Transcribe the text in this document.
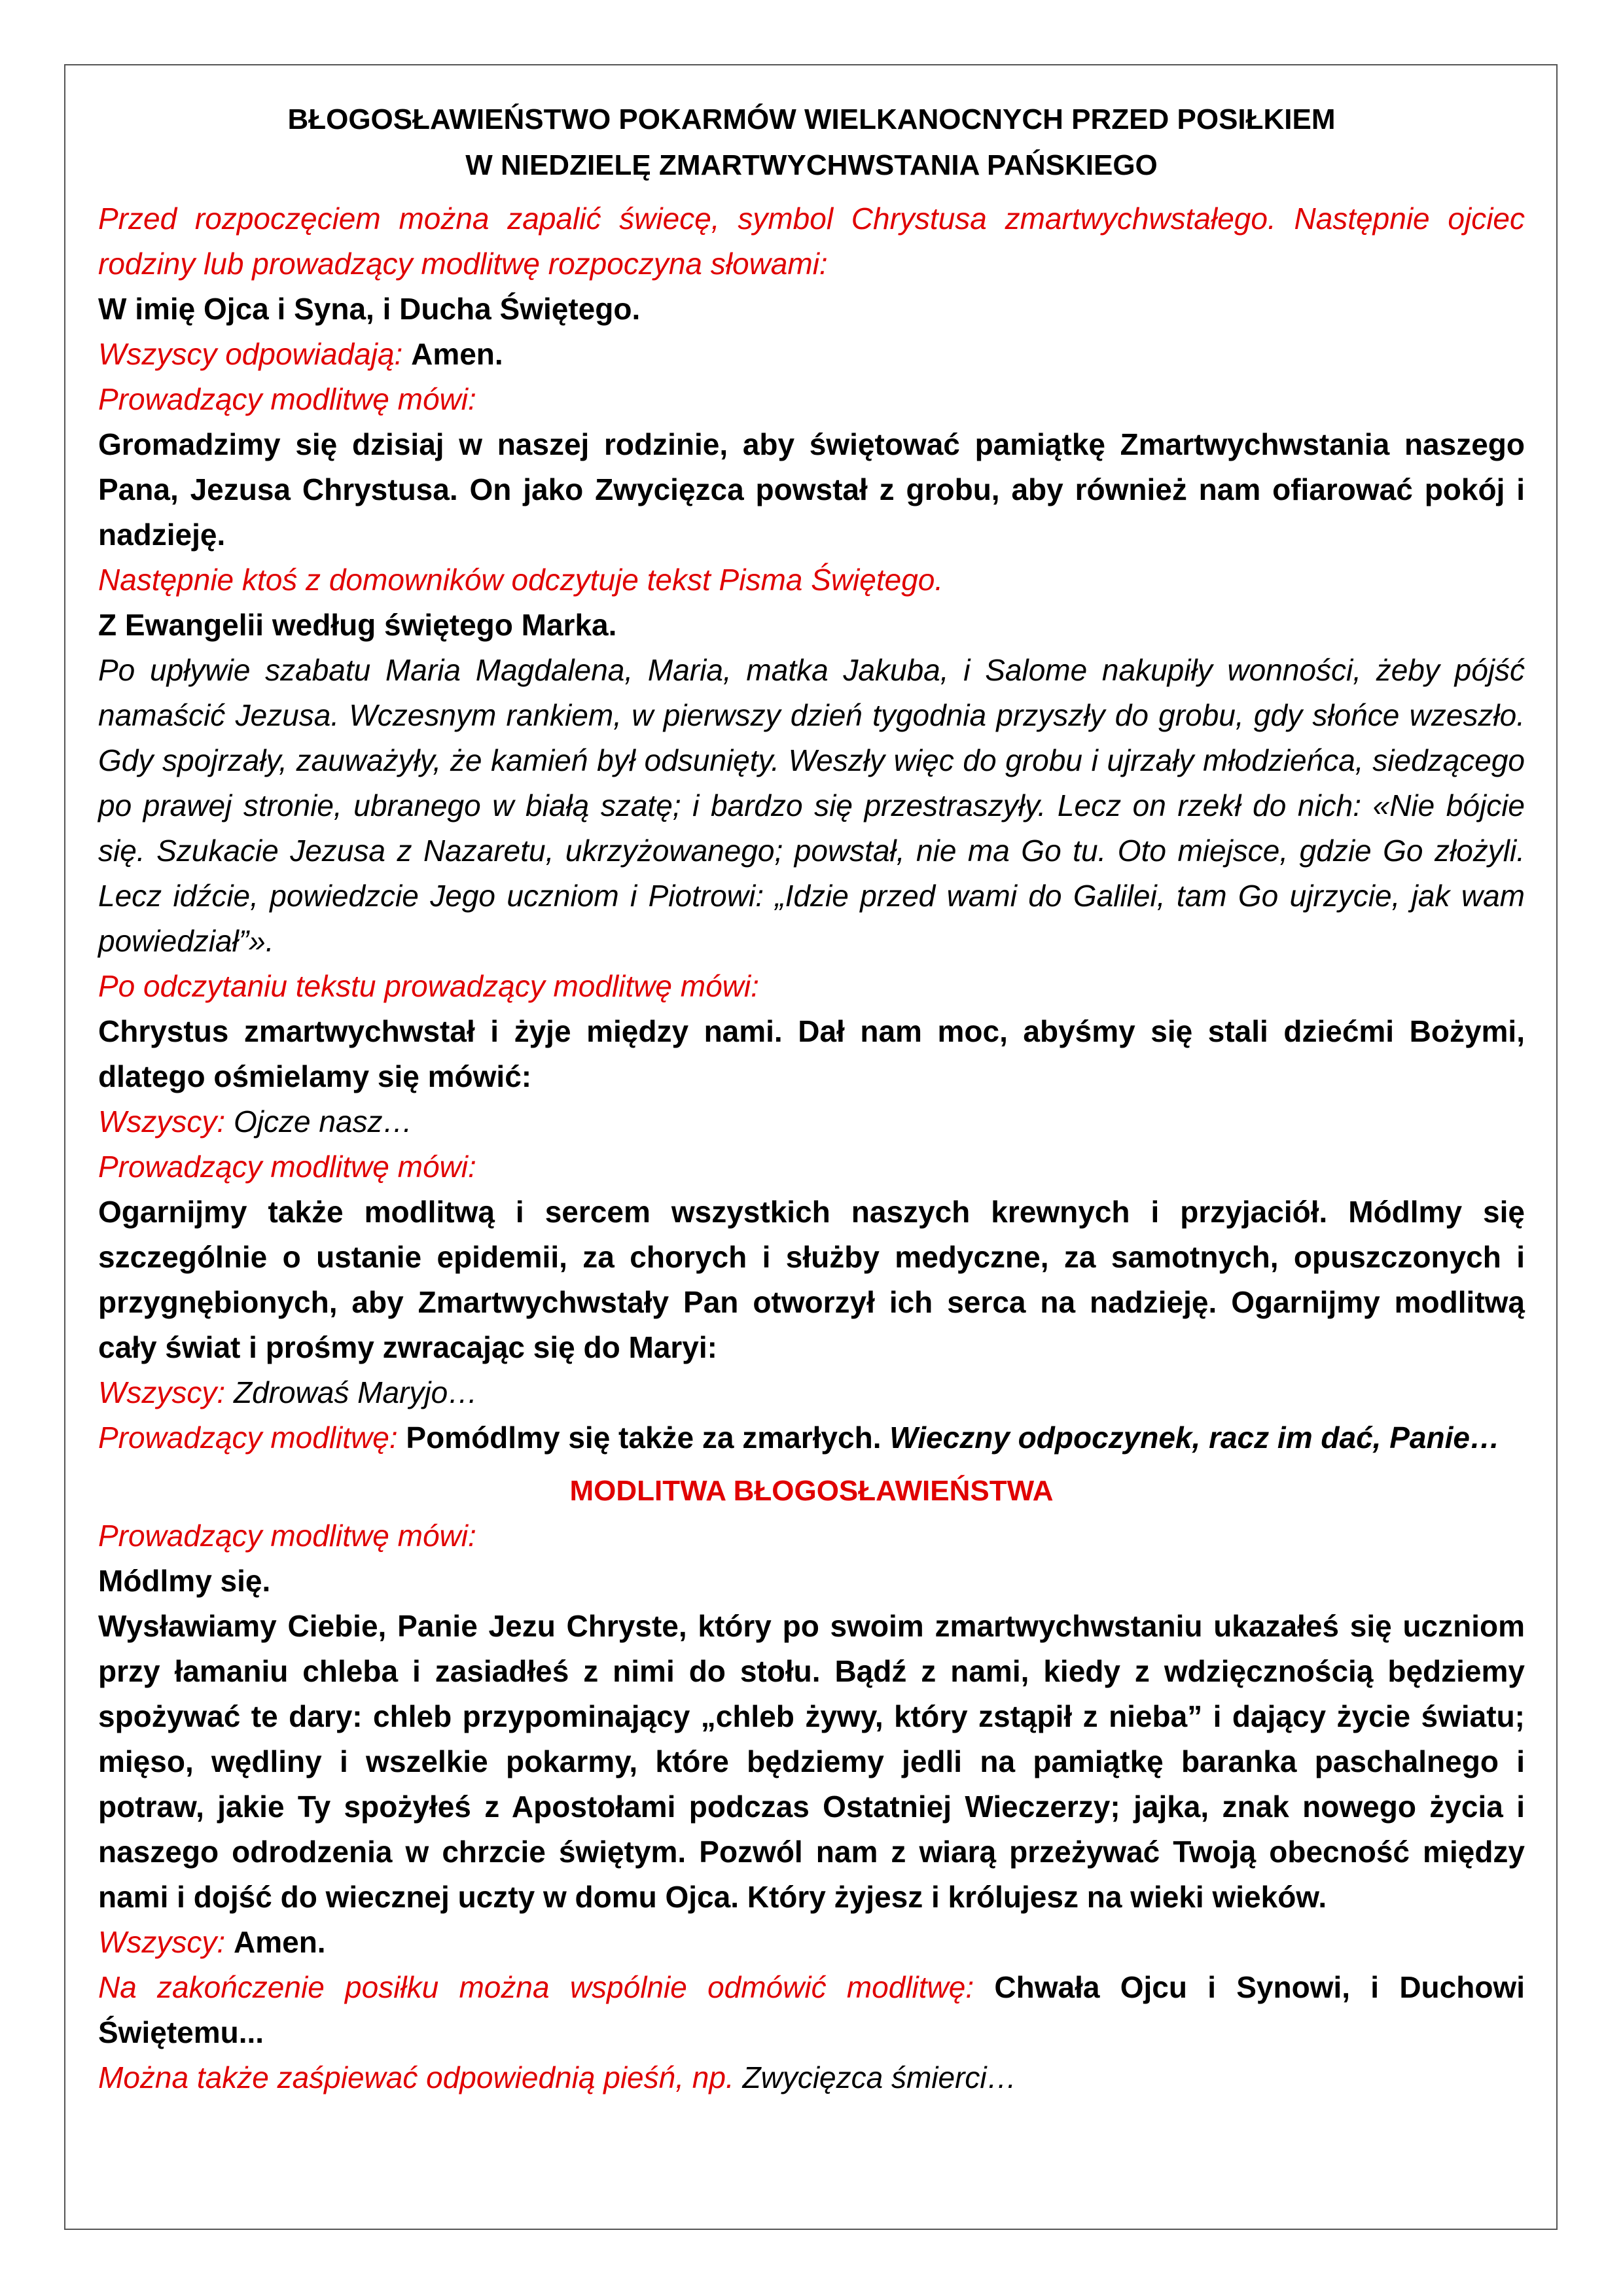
BŁOGOSŁAWIEŃSTWO POKARMÓW WIELKANOCNYCH PRZED POSIŁKIEM

W NIEDZIELĘ ZMARTWYCHWSTANIA PAŃSKIEGO

Przed rozpoczęciem można zapalić świecę, symbol Chrystusa zmartwychwstałego. Następnie ojciec rodziny lub prowadzący modlitwę rozpoczyna słowami:

W imię Ojca i Syna, i Ducha Świętego.

Wszyscy odpowiadają: Amen.

Prowadzący modlitwę mówi:

Gromadzimy się dzisiaj w naszej rodzinie, aby świętować pamiątkę Zmartwychwstania naszego Pana, Jezusa Chrystusa. On jako Zwycięzca powstał z grobu, aby również nam ofiarować pokój i nadzieję.

Następnie ktoś z domowników odczytuje tekst Pisma Świętego.

Z Ewangelii według świętego Marka.

Po upływie szabatu Maria Magdalena, Maria, matka Jakuba, i Salome nakupiły wonności, żeby pójść namaścić Jezusa. Wczesnym rankiem, w pierwszy dzień tygodnia przyszły do grobu, gdy słońce wzeszło. Gdy spojrzały, zauważyły, że kamień był odsunięty. Weszły więc do grobu i ujrzały młodzieńca, siedzącego po prawej stronie, ubranego w białą szatę; i bardzo się przestraszyły. Lecz on rzekł do nich: «Nie bójcie się. Szukacie Jezusa z Nazaretu, ukrzyżowanego; powstał, nie ma Go tu. Oto miejsce, gdzie Go złożyli. Lecz idźcie, powiedzcie Jego uczniom i Piotrowi: „Idzie przed wami do Galilei, tam Go ujrzycie, jak wam powiedział”».

Po odczytaniu tekstu prowadzący modlitwę mówi:

Chrystus zmartwychwstał i żyje między nami. Dał nam moc, abyśmy się stali dziećmi Bożymi, dlatego ośmielamy się mówić:

Wszyscy: Ojcze nasz…

Prowadzący modlitwę mówi:

Ogarnijmy także modlitwą i sercem wszystkich naszych krewnych i przyjaciół. Módlmy się szczególnie o ustanie epidemii, za chorych i służby medyczne, za samotnych, opuszczonych i przygnębionych, aby Zmartwychwstały Pan otworzył ich serca na nadzieję. Ogarnijmy modlitwą cały świat i prośmy zwracając się do Maryi:

Wszyscy: Zdrowaś Maryjo…

Prowadzący modlitwę: Pomódlmy się także za zmarłych. Wieczny odpoczynek, racz im dać, Panie…

MODLITWA BŁOGOSŁAWIEŃSTWA

Prowadzący modlitwę mówi:

Módlmy się.

Wysławiamy Ciebie, Panie Jezu Chryste, który po swoim zmartwychwstaniu ukazałeś się uczniom przy łamaniu chleba i zasiadłeś z nimi do stołu. Bądź z nami, kiedy z wdzięcznością będziemy spożywać te dary: chleb przypominający „chleb żywy, który zstąpił z nieba” i dający życie światu; mięso, wędliny i wszelkie pokarmy, które będziemy jedli na pamiątkę baranka paschalnego i potraw, jakie Ty spożyłeś z Apostołami podczas Ostatniej Wieczerzy; jajka, znak nowego życia i naszego odrodzenia w chrzcie świętym. Pozwól nam z wiarą przeżywać Twoją obecność między nami i dojść do wiecznej uczty w domu Ojca. Który żyjesz i królujesz na wieki wieków.

Wszyscy: Amen.

Na zakończenie posiłku można wspólnie odmówić modlitwę: Chwała Ojcu i Synowi, i Duchowi Świętemu...

Można także zaśpiewać odpowiednią pieśń, np. Zwycięzca śmierci…
